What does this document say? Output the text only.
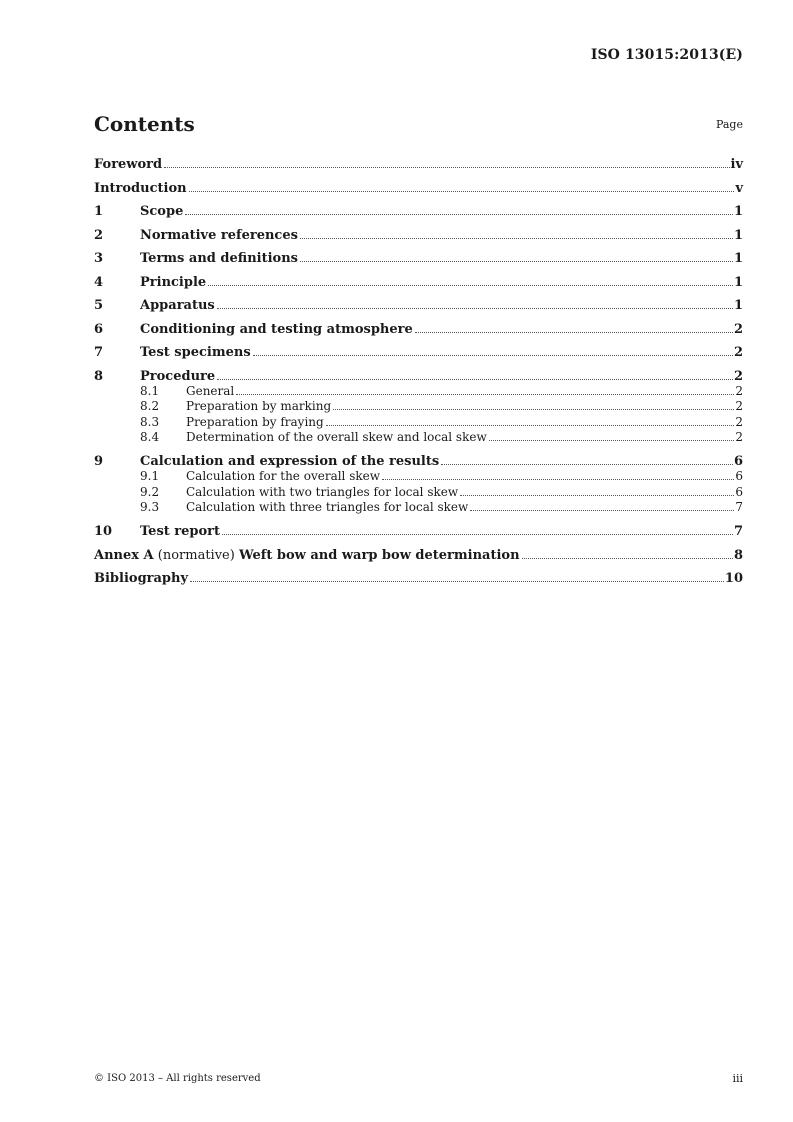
ISO 13015:2013(E)
Contents	Page
Foreword	iv
Introduction	v
1	Scope	1
2	Normative references	1
3	Terms and definitions	1
4	Principle	1
5	Apparatus	1
6	Conditioning and testing atmosphere	2
7	Test specimens	2
8	Procedure	2
8.1	General	2
8.2	Preparation by marking	2
8.3	Preparation by fraying	2
8.4	Determination of the overall skew and local skew	2
9	Calculation and expression of the results	6
9.1	Calculation for the overall skew	6
9.2	Calculation with two triangles for local skew	6
9.3	Calculation with three triangles for local skew	7
10	Test report	7
Annex A (normative) Weft bow and warp bow determination	8
Bibliography	10
© ISO 2013 – All rights reserved	iii
